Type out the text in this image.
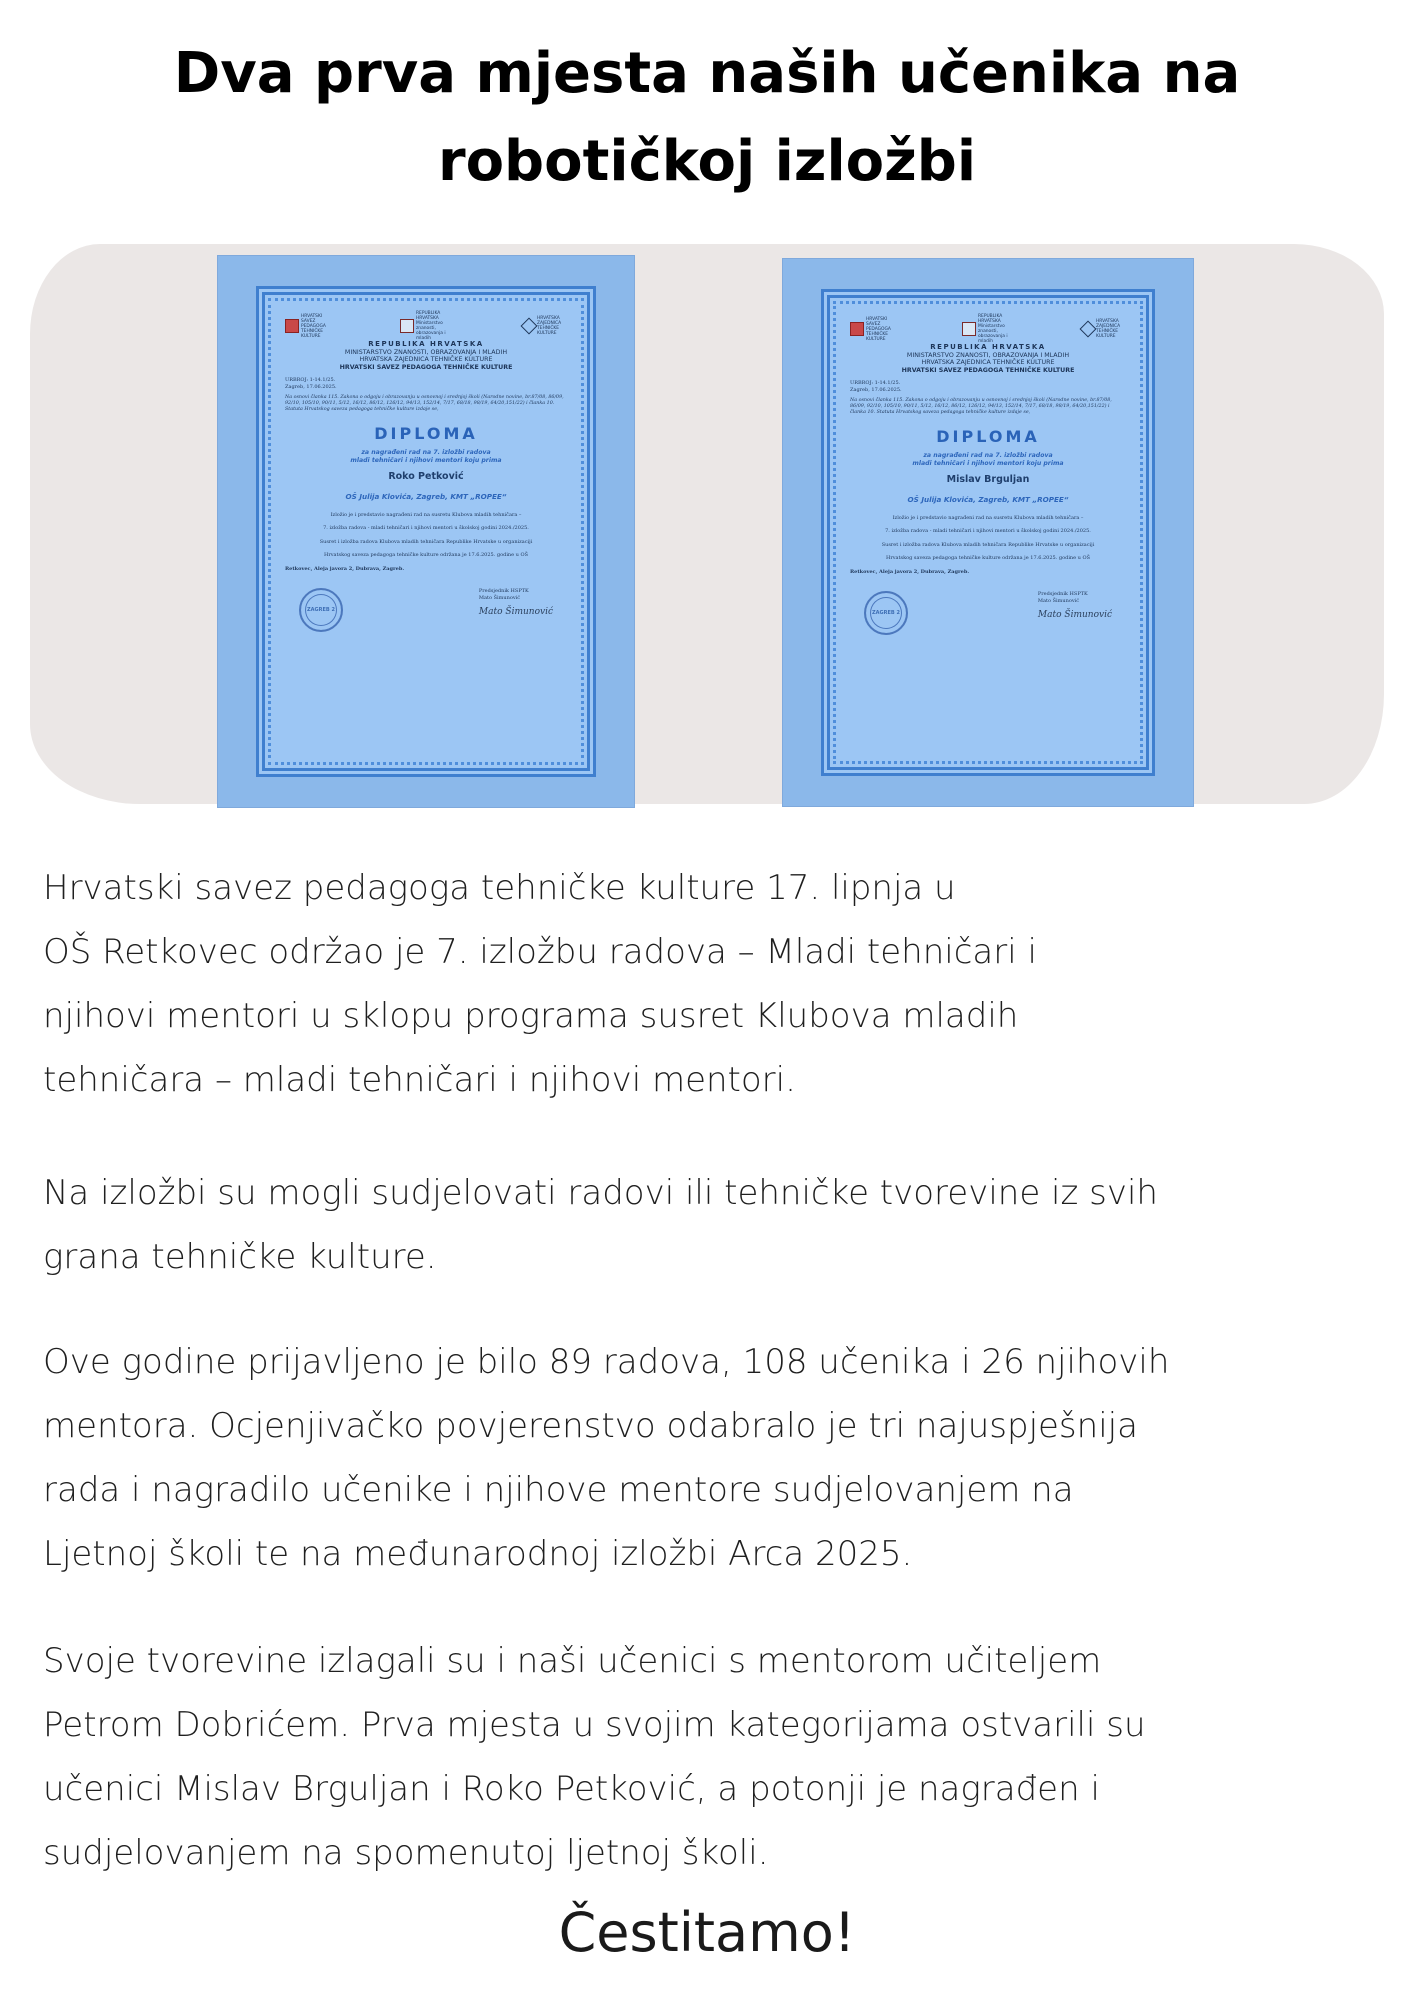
Dva prva mjesta naših učenika na
robotičkoj izložbi
HRVATSKI SAVEZ PEDAGOGA TEHNIČKE KULTURE
REPUBLIKA HRVATSKA Ministarstvo znanosti, obrazovanja i mladih
HRVATSKA ZAJEDNICA TEHNIČKE KULTURE
REPUBLIKA HRVATSKA
MINISTARSTVO ZNANOSTI, OBRAZOVANJA I MLADIH
HRVATSKA ZAJEDNICA TEHNIČKE KULTURE
HRVATSKI SAVEZ PEDAGOGA TEHNIČKE KULTURE
URBROJ: 1-14.1/25.
Zagreb, 17.06.2025.
Na osnovi članka 115. Zakona o odgoju i obrazovanju u osnovnoj i srednjoj školi (Narodne novine, br.87/08, 86/09, 92/10, 105/10, 90/11, 5/12, 16/12, 86/12, 126/12, 94/13, 152/14, 7/17, 68/18, 98/19, 64/20,151/22) i članka 10. Statuta Hrvatskog saveza pedagoga tehničke kulture izdaje se,
DIPLOMA
za nagrađeni rad na 7. izložbi radova
mladi tehničari i njihovi mentori koju prima
Roko Petković
OŠ Julija Klovića, Zagreb, KMT „ROPEE“
Izložio je i predstavio nagrađeni rad na susretu Klubova mladih tehničara –
7. izložba radova - mladi tehničari i njihovi mentori u školskoj godini 2024./2025.
Susret i izložba radova Klubova mladih tehničara Republike Hrvatske u organizaciji
Hrvatskog saveza pedagoga tehničke kulture održana je 17.6.2025. godine u OŠ
Retkovec, Aleja javora 2, Dubrava, Zagreb.
ZAGREB 2
Predsjednik HSPTK
Mato Šimunović
Mato Šimunović
HRVATSKI SAVEZ PEDAGOGA TEHNIČKE KULTURE
REPUBLIKA HRVATSKA Ministarstvo znanosti, obrazovanja i mladih
HRVATSKA ZAJEDNICA TEHNIČKE KULTURE
REPUBLIKA HRVATSKA
MINISTARSTVO ZNANOSTI, OBRAZOVANJA I MLADIH
HRVATSKA ZAJEDNICA TEHNIČKE KULTURE
HRVATSKI SAVEZ PEDAGOGA TEHNIČKE KULTURE
URBROJ: 1-14.1/25.
Zagreb, 17.06.2025.
Na osnovi članka 115. Zakona o odgoju i obrazovanju u osnovnoj i srednjoj školi (Narodne novine, br.87/08, 86/09, 92/10, 105/10, 90/11, 5/12, 16/12, 86/12, 126/12, 94/13, 152/14, 7/17, 68/18, 98/19, 64/20,151/22) i članka 10. Statuta Hrvatskog saveza pedagoga tehničke kulture izdaje se,
DIPLOMA
za nagrađeni rad na 7. izložbi radova
mladi tehničari i njihovi mentori koju prima
Mislav Brguljan
OŠ Julija Klovića, Zagreb, KMT „ROPEE“
Izložio je i predstavio nagrađeni rad na susretu Klubova mladih tehničara –
7. izložba radova - mladi tehničari i njihovi mentori u školskoj godini 2024./2025.
Susret i izložba radova Klubova mladih tehničara Republike Hrvatske u organizaciji
Hrvatskog saveza pedagoga tehničke kulture održana je 17.6.2025. godine u OŠ
Retkovec, Aleja javora 2, Dubrava, Zagreb.
ZAGREB 2
Predsjednik HSPTK
Mato Šimunović
Mato Šimunović

Hrvatski savez pedagoga tehničke kulture 17. lipnja u
OŠ Retkovec održao je 7. izložbu radova – Mladi tehničari i
njihovi mentori u sklopu programa susret Klubova mladih
tehničara – mladi tehničari i njihovi mentori.

Na izložbi su mogli sudjelovati radovi ili tehničke tvorevine iz svih
grana tehničke kulture.

Ove godine prijavljeno je bilo 89 radova, 108 učenika i 26 njihovih
mentora. Ocjenjivačko povjerenstvo odabralo je tri najuspješnija
rada i nagradilo učenike i njihove mentore sudjelovanjem na
Ljetnoj školi te na međunarodnoj izložbi Arca 2025.

Svoje tvorevine izlagali su i naši učenici s mentorom učiteljem
Petrom Dobrićem. Prva mjesta u svojim kategorijama ostvarili su
učenici Mislav Brguljan i Roko Petković, a potonji je nagrađen i
sudjelovanjem na spomenutoj ljetnoj školi.

Čestitamo!
